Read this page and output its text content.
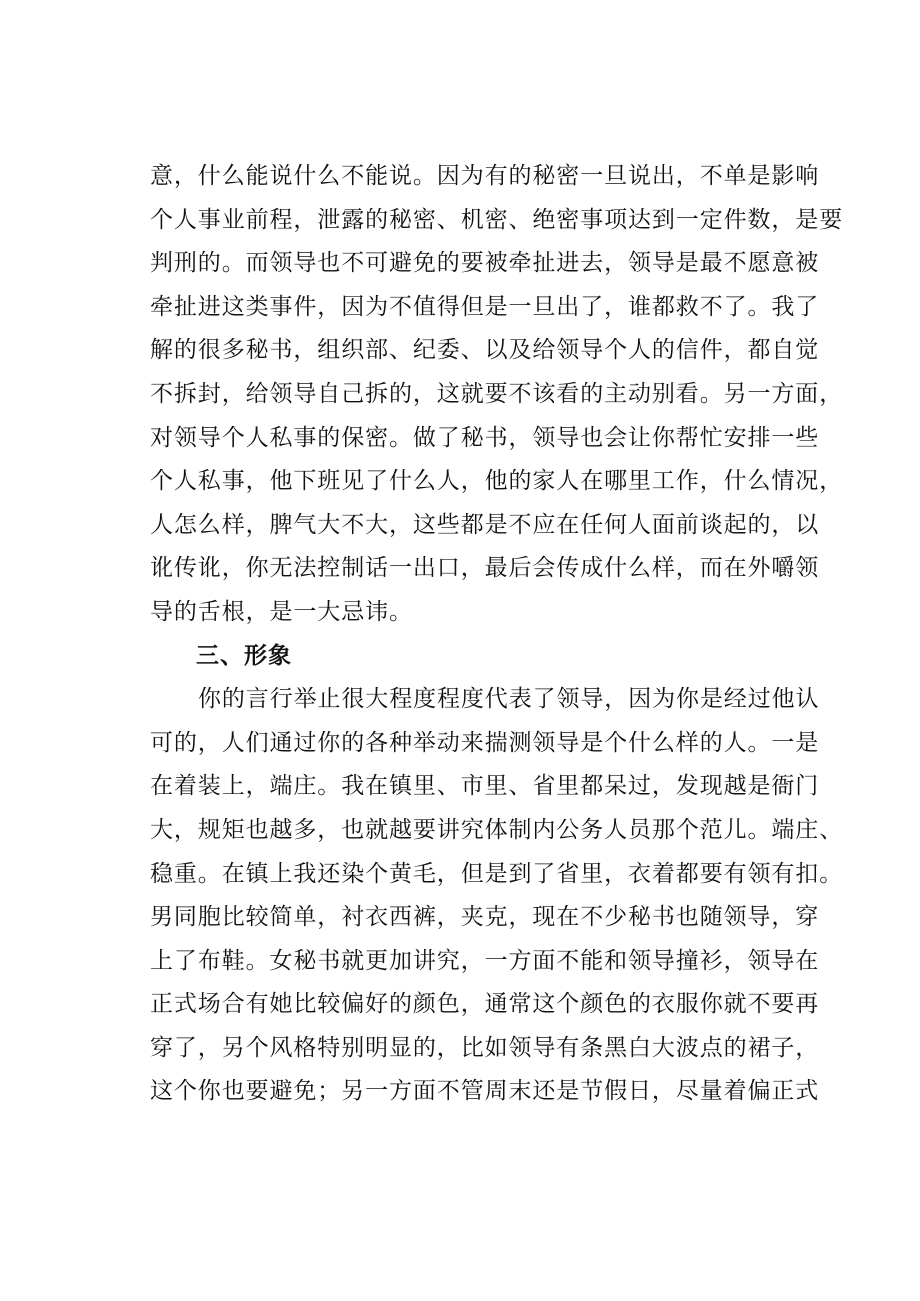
意，什么能说什么不能说。因为有的秘密一旦说出，不单是影响
个人事业前程，泄露的秘密、机密、绝密事项达到一定件数，是要
判刑的。而领导也不可避免的要被牵扯进去，领导是最不愿意被
牵扯进这类事件，因为不值得但是一旦出了，谁都救不了。我了
解的很多秘书，组织部、纪委、以及给领导个人的信件，都自觉
不拆封，给领导自己拆的，这就要不该看的主动别看。另一方面，
对领导个人私事的保密。做了秘书，领导也会让你帮忙安排一些
个人私事，他下班见了什么人，他的家人在哪里工作，什么情况，
人怎么样，脾气大不大，这些都是不应在任何人面前谈起的，以
讹传讹，你无法控制话一出口，最后会传成什么样，而在外嚼领
导的舌根，是一大忌讳。
三、形象
你的言行举止很大程度程度代表了领导，因为你是经过他认
可的，人们通过你的各种举动来揣测领导是个什么样的人。一是
在着装上，端庄。我在镇里、市里、省里都呆过，发现越是衙门
大，规矩也越多，也就越要讲究体制内公务人员那个范儿。端庄、
稳重。在镇上我还染个黄毛，但是到了省里，衣着都要有领有扣。
男同胞比较简单，衬衣西裤，夹克，现在不少秘书也随领导，穿
上了布鞋。女秘书就更加讲究，一方面不能和领导撞衫，领导在
正式场合有她比较偏好的颜色，通常这个颜色的衣服你就不要再
穿了，另个风格特别明显的，比如领导有条黑白大波点的裙子，
这个你也要避免；另一方面不管周末还是节假日，尽量着偏正式
